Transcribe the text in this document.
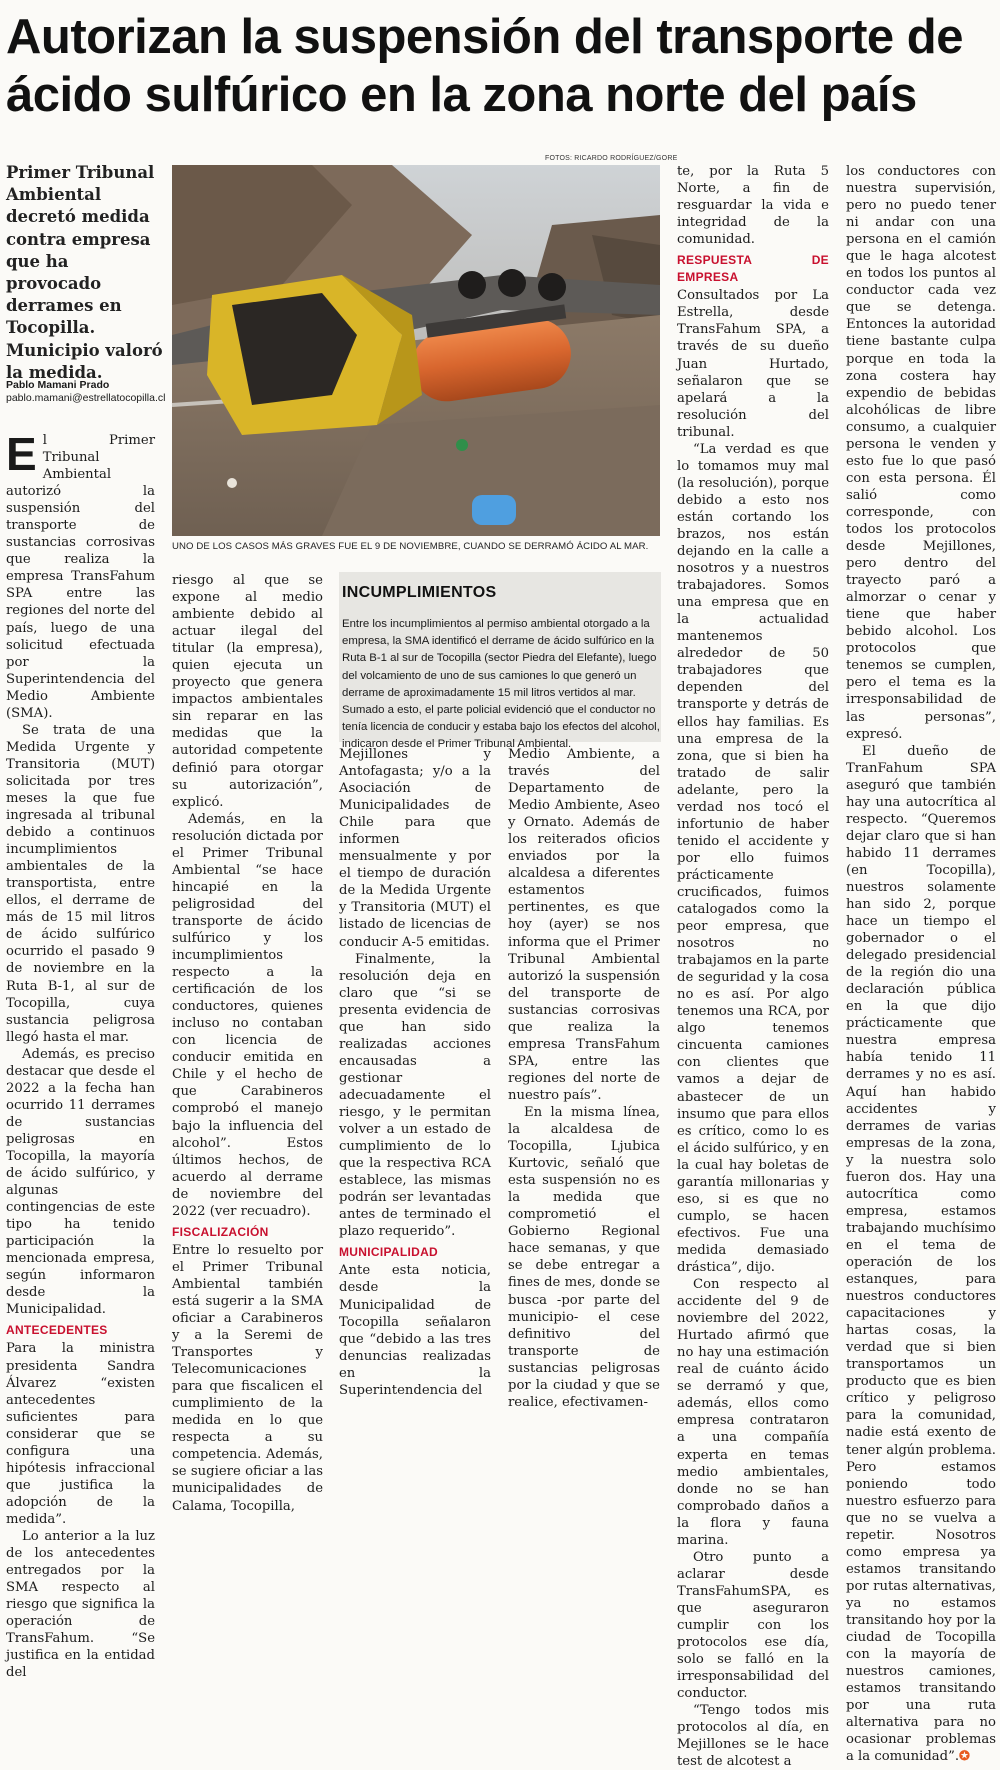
Autorizan la suspensión del transporte de ácido sulfúrico en la zona norte del país
Primer Tribunal Ambiental decretó medida contra empresa que ha provocado derrames en Tocopilla. Municipio valoró la medida.
Pablo Mamani Prado
pablo.mamani@estrellatocopilla.cl
FOTOS: RICARDO RODRÍGUEZ/GORE
UNO DE LOS CASOS MÁS GRAVES FUE EL 9 DE NOVIEMBRE, CUANDO SE DERRAMÓ ÁCIDO AL MAR.

El Primer Tribunal Ambiental autorizó la suspensión del transporte de sustancias corrosivas que realiza la empresa TransFahum SPA entre las regiones del norte del país, luego de una solicitud efectuada por la Superintendencia del Medio Ambiente (SMA).

Se trata de una Medida Urgente y Transitoria (MUT) solicitada por tres meses la que fue ingresada al tribunal debido a continuos incumplimientos ambientales de la transportista, entre ellos, el derrame de más de 15 mil litros de ácido sulfúrico ocurrido el pasado 9 de noviembre en la Ruta B-1, al sur de Tocopilla, cuya sustancia peligrosa llegó hasta el mar.

Además, es preciso destacar que desde el 2022 a la fecha han ocurrido 11 derrames de sustancias peligrosas en Tocopilla, la mayoría de ácido sulfúrico, y algunas contingencias de este tipo ha tenido participación la mencionada empresa, según informaron desde la Municipalidad.

ANTECEDENTES

Para la ministra presidenta Sandra Álvarez “existen antecedentes suficientes para considerar que se configura una hipótesis infraccional que justifica la adopción de la medida”.

Lo anterior a la luz de los antecedentes entregados por la SMA respecto al riesgo que significa la operación de TransFahum. “Se justifica en la entidad del

riesgo al que se expone al medio ambiente debido al actuar ilegal del titular (la empresa), quien ejecuta un proyecto que genera impactos ambientales sin reparar en las medidas que la autoridad competente definió para otorgar su autorización”, explicó.

Además, en la resolución dictada por el Primer Tribunal Ambiental “se hace hincapié en la peligrosidad del transporte de ácido sulfúrico y los incumplimientos respecto a la certificación de los conductores, quienes incluso no contaban con licencia de conducir emitida en Chile y el hecho de que Carabineros comprobó el manejo bajo la influencia del alcohol”. Estos últimos hechos, de acuerdo al derrame de noviembre del 2022 (ver recuadro).

FISCALIZACIÓN

Entre lo resuelto por el Primer Tribunal Ambiental también está sugerir a la SMA oficiar a Carabineros y a la Seremi de Transportes y Telecomunicaciones para que fiscalicen el cumplimiento de la medida en lo que respecta a su competencia. Además, se sugiere oficiar a las municipalidades de Calama, Tocopilla,

INCUMPLIMIENTOS
Entre los incumplimientos al permiso ambiental otorgado a la empresa, la SMA identificó el derrame de ácido sulfúrico en la Ruta B-1 al sur de Tocopilla (sector Piedra del Elefante), luego del volcamiento de uno de sus camiones lo que generó un derrame de aproximadamente 15 mil litros vertidos al mar. Sumado a esto, el parte policial evidenció que el conductor no tenía licencia de conducir y estaba bajo los efectos del alcohol, indicaron desde el Primer Tribunal Ambiental.

Mejillones y Antofagasta; y/o a la Asociación de Municipalidades de Chile para que informen mensualmente y por el tiempo de duración de la Medida Urgente y Transitoria (MUT) el listado de licencias de conducir A-5 emitidas.

Finalmente, la resolución deja en claro que “si se presenta evidencia de que han sido realizadas acciones encausadas a gestionar adecuadamente el riesgo, y le permitan volver a un estado de cumplimiento de lo que la respectiva RCA establece, las mismas podrán ser levantadas antes de terminado el plazo requerido”.

MUNICIPALIDAD

Ante esta noticia, desde la Municipalidad de Tocopilla señalaron que “debido a las tres denuncias realizadas en la Superintendencia del

Medio Ambiente, a través del Departamento de Medio Ambiente, Aseo y Ornato. Además de los reiterados oficios enviados por la alcaldesa a diferentes estamentos pertinentes, es que hoy (ayer) se nos informa que el Primer Tribunal Ambiental autorizó la suspensión del transporte de sustancias corrosivas que realiza la empresa TransFahum SPA, entre las regiones del norte de nuestro país”.

En la misma línea, la alcaldesa de Tocopilla, Ljubica Kurtovic, señaló que esta suspensión no es la medida que comprometió el Gobierno Regional hace semanas, y que se debe entregar a fines de mes, donde se busca -por parte del municipio- el cese definitivo del transporte de sustancias peligrosas por la ciudad y que se realice, efectivamen-

te, por la Ruta 5 Norte, a fin de resguardar la vida e integridad de la comunidad.

RESPUESTA DE EMPRESA

Consultados por La Estrella, desde TransFahum SPA, a través de su dueño Juan Hurtado, señalaron que se apelará a la resolución del tribunal.

“La verdad es que lo tomamos muy mal (la resolución), porque debido a esto nos están cortando los brazos, nos están dejando en la calle a nosotros y a nuestros trabajadores. Somos una empresa que en la actualidad mantenemos alrededor de 50 trabajadores que dependen del transporte y detrás de ellos hay familias. Es una empresa de la zona, que si bien ha tratado de salir adelante, pero la verdad nos tocó el infortunio de haber tenido el accidente y por ello fuimos prácticamente crucificados, fuimos catalogados como la peor empresa, que nosotros no trabajamos en la parte de seguridad y la cosa no es así. Por algo tenemos una RCA, por algo tenemos cincuenta camiones con clientes que vamos a dejar de abastecer de un insumo que para ellos es crítico, como lo es el ácido sulfúrico, y en la cual hay boletas de garantía millonarias y eso, si es que no cumplo, se hacen efectivos. Fue una medida demasiado drástica”, dijo.

Con respecto al accidente del 9 de noviembre del 2022, Hurtado afirmó que no hay una estimación real de cuánto ácido se derramó y que, además, ellos como empresa contrataron a una compañía experta en temas medio ambientales, donde no se han comprobado daños a la flora y fauna marina.

Otro punto a aclarar desde TransFahumSPA, es que aseguraron cumplir con los protocolos ese día, solo se falló en la irresponsabilidad del conductor.

“Tengo todos mis protocolos al día, en Mejillones se le hace test de alcotest a

los conductores con nuestra supervisión, pero no puedo tener ni andar con una persona en el camión que le haga alcotest en todos los puntos al conductor cada vez que se detenga. Entonces la autoridad tiene bastante culpa porque en toda la zona costera hay expendio de bebidas alcohólicas de libre consumo, a cualquier persona le venden y esto fue lo que pasó con esta persona. Él salió como corresponde, con todos los protocolos desde Mejillones, pero dentro del trayecto paró a almorzar o cenar y tiene que haber bebido alcohol. Los protocolos que tenemos se cumplen, pero el tema es la irresponsabilidad de las personas”, expresó.

El dueño de TranFahum SPA aseguró que también hay una autocrítica al respecto. “Queremos dejar claro que si han habido 11 derrames (en Tocopilla), nuestros solamente han sido 2, porque hace un tiempo el gobernador o el delegado presidencial de la región dio una declaración pública en la que dijo prácticamente que nuestra empresa había tenido 11 derrames y no es así. Aquí han habido accidentes y derrames de varias empresas de la zona, y la nuestra solo fueron dos. Hay una autocrítica como empresa, estamos trabajando muchísimo en el tema de operación de los estanques, para nuestros conductores capacitaciones y hartas cosas, la verdad que si bien transportamos un producto que es bien crítico y peligroso para la comunidad, nadie está exento de tener algún problema. Pero estamos poniendo todo nuestro esfuerzo para que no se vuelva a repetir. Nosotros como empresa ya estamos transitando por rutas alternativas, ya no estamos transitando hoy por la ciudad de Tocopilla con la mayoría de nuestros camiones, estamos transitando por una ruta alternativa para no ocasionar problemas a la comunidad”.✪
